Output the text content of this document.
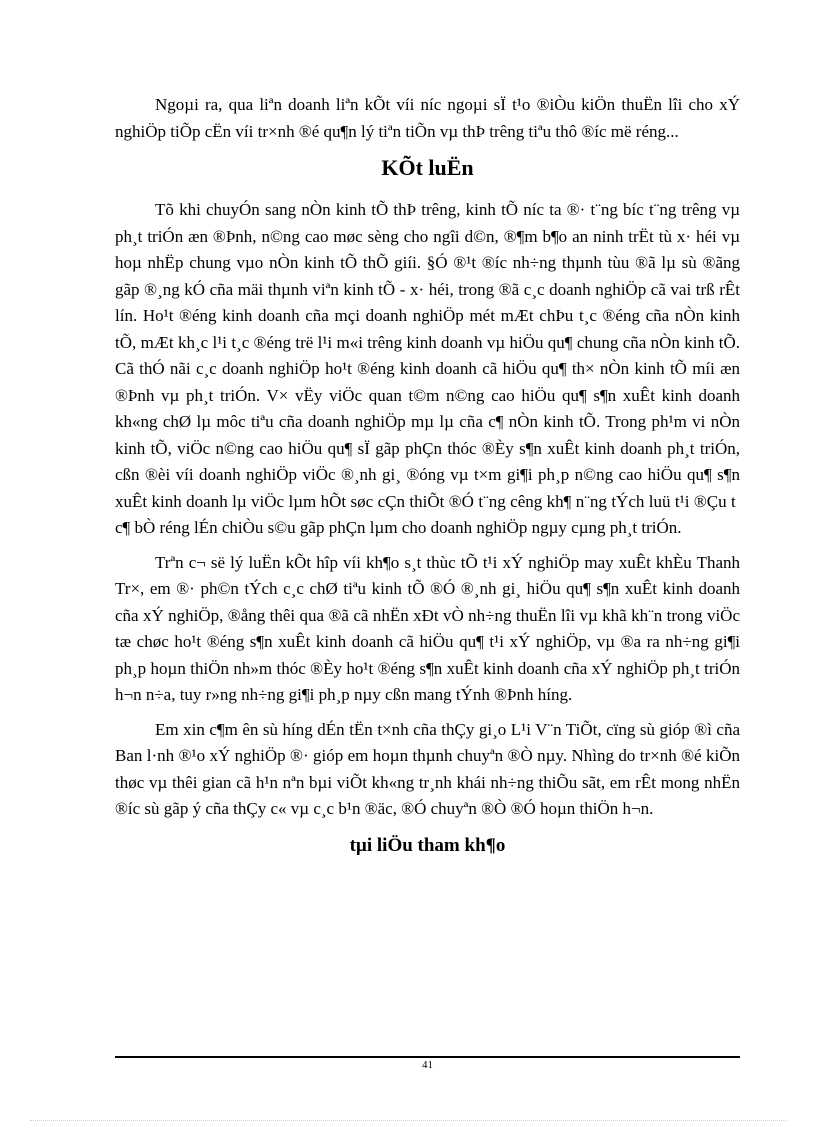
Ngoµi ra, qua liªn doanh liªn kÕt víi níc ngoµi sÏ t¹o ®iÒu kiÖn thuËn lîi cho xÝ nghiÖp tiÕp cËn víi tr×nh ®é qu¶n lý tiªn tiÕn vµ thÞ trêng tiªu thô ®íc më réng...

KÕt luËn

Tõ khi chuyÓn sang nÒn kinh tÕ thÞ trêng, kinh tÕ níc ta ®· t¨ng bíc t¨ng trêng vµ ph¸t triÓn æn ®Þnh, n©ng cao møc sèng cho ngîi d©n, ®¶m b¶o an ninh trËt tù x· héi vµ hoµ nhËp chung vµo nÒn kinh tÕ thÕ giíi. §Ó ®¹t ®íc nh÷ng thµnh tùu ®ã lµ sù ®ãng gãp ®¸ng kÓ cña mäi thµnh viªn kinh tÕ - x· héi, trong ®ã c¸c doanh nghiÖp cã vai trß rÊt lín. Ho¹t ®éng kinh doanh cña mçi doanh nghiÖp mét mÆt chÞu t¸c ®éng cña nÒn kinh tÕ, mÆt kh¸c l¹i t¸c ®éng trë l¹i m«i trêng kinh doanh vµ hiÖu qu¶ chung cña nÒn kinh tÕ. Cã thÓ nãi c¸c doanh nghiÖp ho¹t ®éng kinh doanh cã hiÖu qu¶ th× nÒn kinh tÕ míi æn ®Þnh vµ ph¸t triÓn. V× vËy viÖc quan t©m n©ng cao hiÖu qu¶ s¶n xuÊt kinh doanh kh«ng chØ lµ môc tiªu cña doanh nghiÖp mµ lµ cña c¶ nÒn kinh tÕ. Trong ph¹m vi nÒn kinh tÕ, viÖc n©ng cao hiÖu qu¶ sÏ gãp phÇn thóc ®Èy s¶n xuÊt kinh doanh ph¸t triÓn, cßn ®èi víi doanh nghiÖp viÖc ®¸nh gi¸ ®óng vµ t×m gi¶i ph¸p n©ng cao hiÖu qu¶ s¶n xuÊt kinh doanh lµ viÖc lµm hÕt søc cÇn thiÕt ®Ó t¨ng cêng kh¶ n¨ng tÝch luü t¹i ®Çu t  c¶ bÒ réng lÉn chiÒu s©u gãp phÇn lµm cho doanh nghiÖp ngµy cµng ph¸t triÓn.

Trªn c¬ së lý luËn kÕt hîp víi kh¶o s¸t thùc tÕ t¹i xÝ nghiÖp may xuÊt khÈu Thanh Tr×, em ®· ph©n tÝch c¸c chØ tiªu kinh tÕ ®Ó ®¸nh gi¸ hiÖu qu¶ s¶n xuÊt kinh doanh cña xÝ nghiÖp, ®ång thêi qua ®ã cã nhËn xÐt vÒ nh÷ng thuËn lîi vµ khã kh¨n trong viÖc tæ chøc ho¹t ®éng s¶n xuÊt kinh doanh cã hiÖu qu¶ t¹i xÝ nghiÖp, vµ ®a ra nh÷ng gi¶i ph¸p hoµn thiÖn nh»m thóc ®Èy ho¹t ®éng s¶n xuÊt kinh doanh cña xÝ nghiÖp ph¸t triÓn h¬n n÷a, tuy r»ng nh÷ng gi¶i ph¸p nµy cßn mang tÝnh ®Þnh híng.

Em xin c¶m ên sù híng dÉn tËn t×nh cña thÇy gi¸o L¹i V¨n TiÕt, cïng sù gióp ®ì cña Ban l·nh ®¹o xÝ nghiÖp ®· gióp em hoµn thµnh chuyªn ®Ò nµy. Nhìng do tr×nh ®é kiÕn thøc vµ thêi gian cã h¹n nªn bµi viÕt kh«ng tr¸nh khái nh÷ng thiÕu sãt, em rÊt mong nhËn ®íc sù gãp ý cña thÇy c« vµ c¸c b¹n ®äc, ®Ó chuyªn ®Ò ®Ó hoµn thiÖn h¬n.

tµi liÖu tham kh¶o
41
